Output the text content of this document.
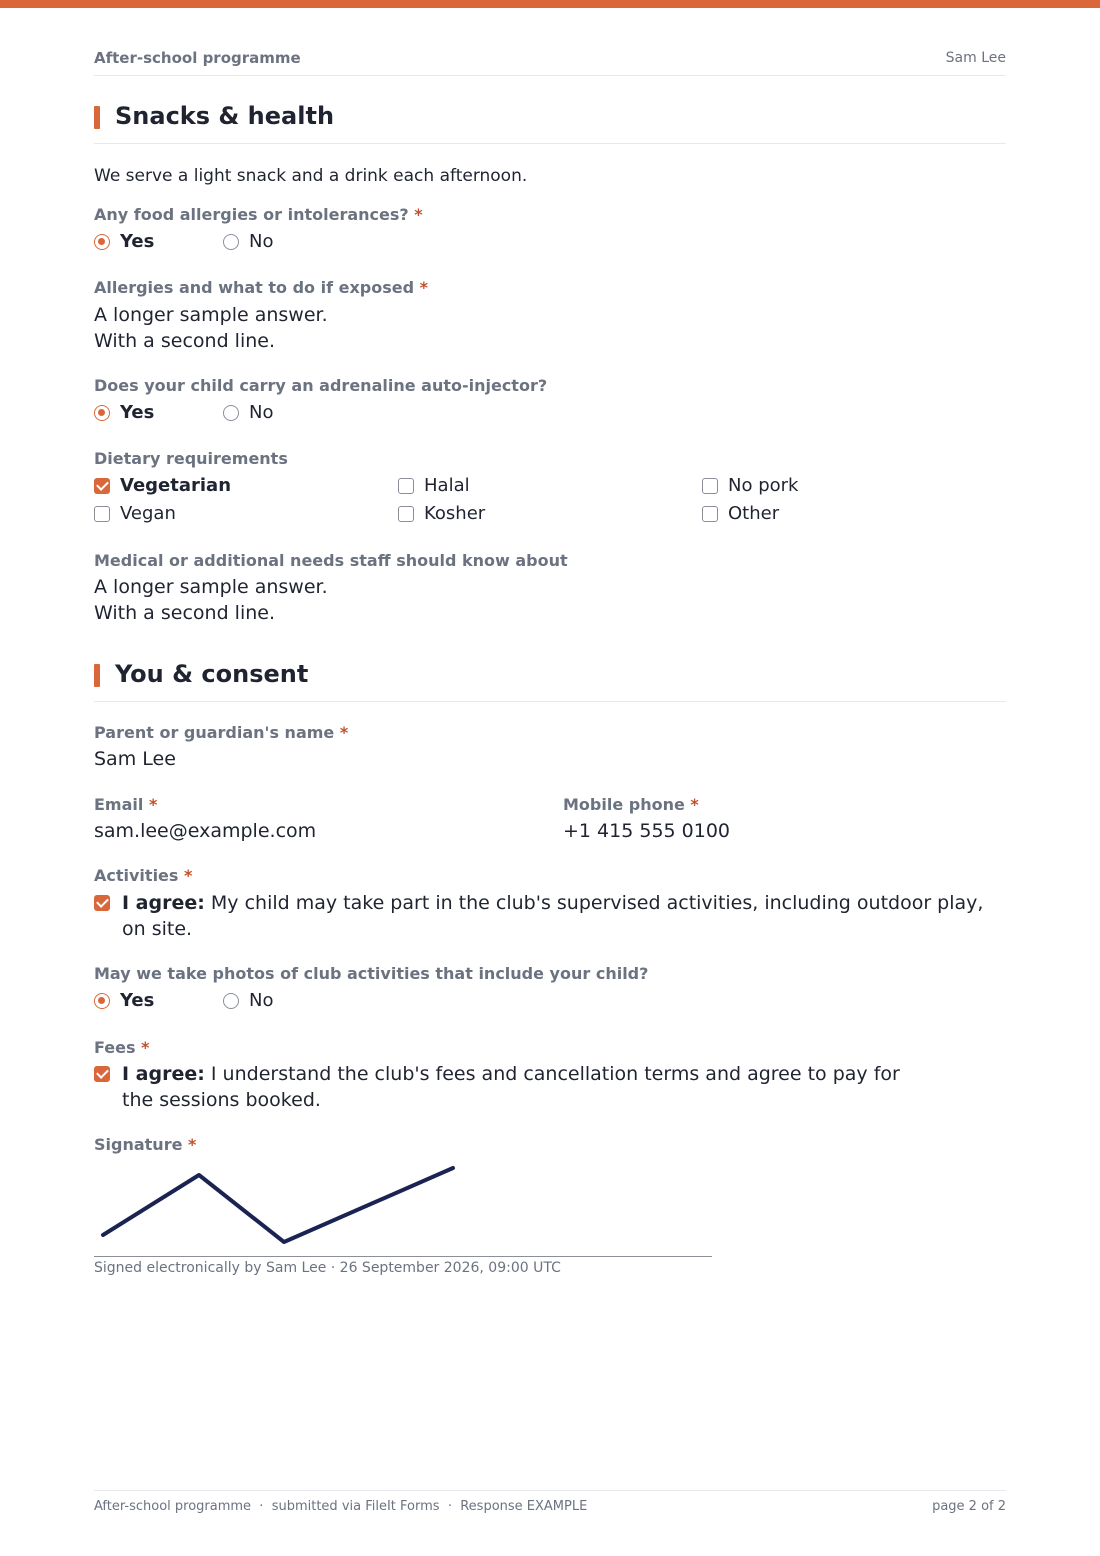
After-school programme	Sam Lee
Snacks & health
We serve a light snack and a drink each afternoon.
Any food allergies or intolerances? *
Yes	No
Allergies and what to do if exposed *
A longer sample answer.
With a second line.
Does your child carry an adrenaline auto-injector?
Yes	No
Dietary requirements
Vegetarian	Halal	No pork
Vegan	Kosher	Other
Medical or additional needs staff should know about
A longer sample answer.
With a second line.
You & consent
Parent or guardian's name *
Sam Lee
Email *
sam.lee@example.com
Mobile phone *
+1 415 555 0100
Activities *
I agree: My child may take part in the club's supervised activities, including outdoor play, on site.
May we take photos of club activities that include your child?
Yes	No
Fees *
I agree: I understand the club's fees and cancellation terms and agree to pay for the sessions booked.
Signature *
Signed electronically by Sam Lee · 26 September 2026, 09:00 UTC
After-school programme  ·  submitted via FileIt Forms  ·  Response EXAMPLE	page 2 of 2
